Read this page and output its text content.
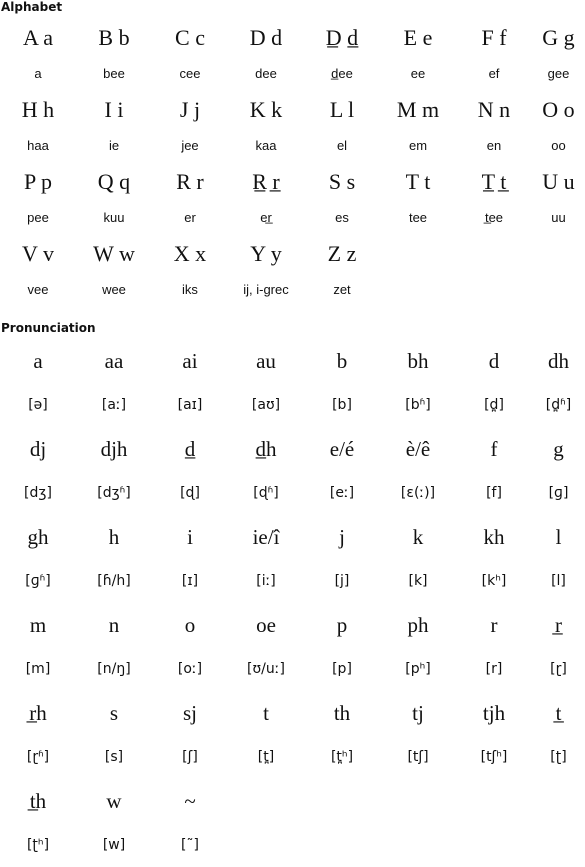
Alphabet
A a	B b	C c	D d	D̲ d̲	E e	F f	G g
a	bee	cee	dee	d̲ee	ee	ef	gee
H h	I i	J j	K k	L l	M m	N n	O o
haa	ie	jee	kaa	el	em	en	oo
P p	Q q	R r	R̲ r̲	S s	T t	T̲ t̲	U u
pee	kuu	er	er̲	es	tee	t̲ee	uu
V v	W w	X x	Y y	Z z
vee	wee	iks	ij, i-grec	zet
Pronunciation
a	aa	ai	au	b	bh	d	dh
[ə]	[aː]	[aɪ]	[aʊ]	[b]	[bʱ]	[d̪]	[d̪ʱ]
dj	djh	d̲	d̲h	e/é	è/ê	f	g
[dʒ]	[dʒʱ]	[ɖ]	[ɖʱ]	[eː]	[ɛ(ː)]	[f]	[ɡ]
gh	h	i	ie/î	j	k	kh	l
[ɡʱ]	[ɦ/h]	[ɪ]	[iː]	[j]	[k]	[kʰ]	[l]
m	n	o	oe	p	ph	r	r̲
[m]	[n/ŋ]	[oː]	[ʊ/uː]	[p]	[pʰ]	[r]	[ɽ]
r̲h	s	sj	t	th	tj	tjh	t̲
[ɽʱ]	[s]	[ʃ]	[t̪]	[t̪ʰ]	[tʃ]	[tʃʰ]	[ʈ]
t̲h	w	~
[ʈʰ]	[w]	[˜]
